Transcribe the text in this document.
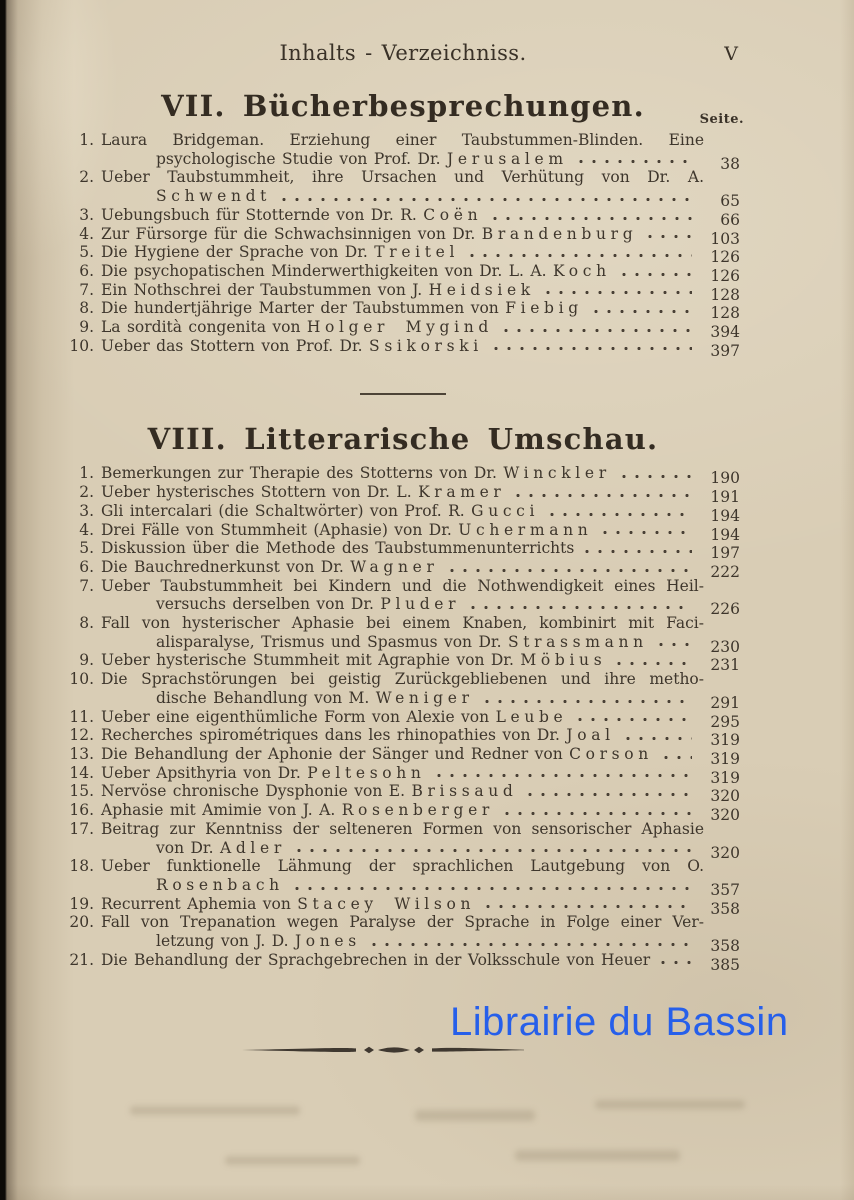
Inhalts - Verzeichniss.	V
VII. Bücherbesprechungen.	Seite.
1. Laura Bridgeman. Erziehung einer Taubstummen-Blinden. Eine
psychologische Studie von Prof. Dr. Jerusalem	38
2. Ueber Taubstummheit, ihre Ursachen und Verhütung von Dr. A.
Schwendt	65
3. Uebungsbuch für Stotternde von Dr. R. Coën	66
4. Zur Fürsorge für die Schwachsinnigen von Dr. Brandenburg	103
5. Die Hygiene der Sprache von Dr. Treitel	126
6. Die psychopatischen Minderwerthigkeiten von Dr. L. A. Koch	126
7. Ein Nothschrei der Taubstummen von J. Heidsiek	128
8. Die hundertjährige Marter der Taubstummen von Fiebig	128
9. La sordità congenita von Holger Mygind	394
10. Ueber das Stottern von Prof. Dr. Ssikorski	397
VIII. Litterarische Umschau.
1. Bemerkungen zur Therapie des Stotterns von Dr. Winckler	190
2. Ueber hysterisches Stottern von Dr. L. Kramer	191
3. Gli intercalari (die Schaltwörter) von Prof. R. Gucci	194
4. Drei Fälle von Stummheit (Aphasie) von Dr. Uchermann	194
5. Diskussion über die Methode des Taubstummenunterrichts	197
6. Die Bauchrednerkunst von Dr. Wagner	222
7. Ueber Taubstummheit bei Kindern und die Nothwendigkeit eines Heil-
versuchs derselben von Dr. Pluder	226
8. Fall von hysterischer Aphasie bei einem Knaben, kombinirt mit Faci-
alisparalyse, Trismus und Spasmus von Dr. Strassmann	230
9. Ueber hysterische Stummheit mit Agraphie von Dr. Möbius	231
10. Die Sprachstörungen bei geistig Zurückgebliebenen und ihre metho-
dische Behandlung von M. Weniger	291
11. Ueber eine eigenthümliche Form von Alexie von Leube	295
12. Recherches spirométriques dans les rhinopathies von Dr. Joal	319
13. Die Behandlung der Aphonie der Sänger und Redner von Corson	319
14. Ueber Apsithyria von Dr. Peltesohn	319
15. Nervöse chronische Dysphonie von E. Brissaud	320
16. Aphasie mit Amimie von J. A. Rosenberger	320
17. Beitrag zur Kenntniss der selteneren Formen von sensorischer Aphasie
von Dr. Adler	320
18. Ueber funktionelle Lähmung der sprachlichen Lautgebung von O.
Rosenbach	357
19. Recurrent Aphemia von Stacey Wilson	358
20. Fall von Trepanation wegen Paralyse der Sprache in Folge einer Ver-
letzung von J. D. Jones	358
21. Die Behandlung der Sprachgebrechen in der Volksschule von Heuer	385
Librairie du Bassin
